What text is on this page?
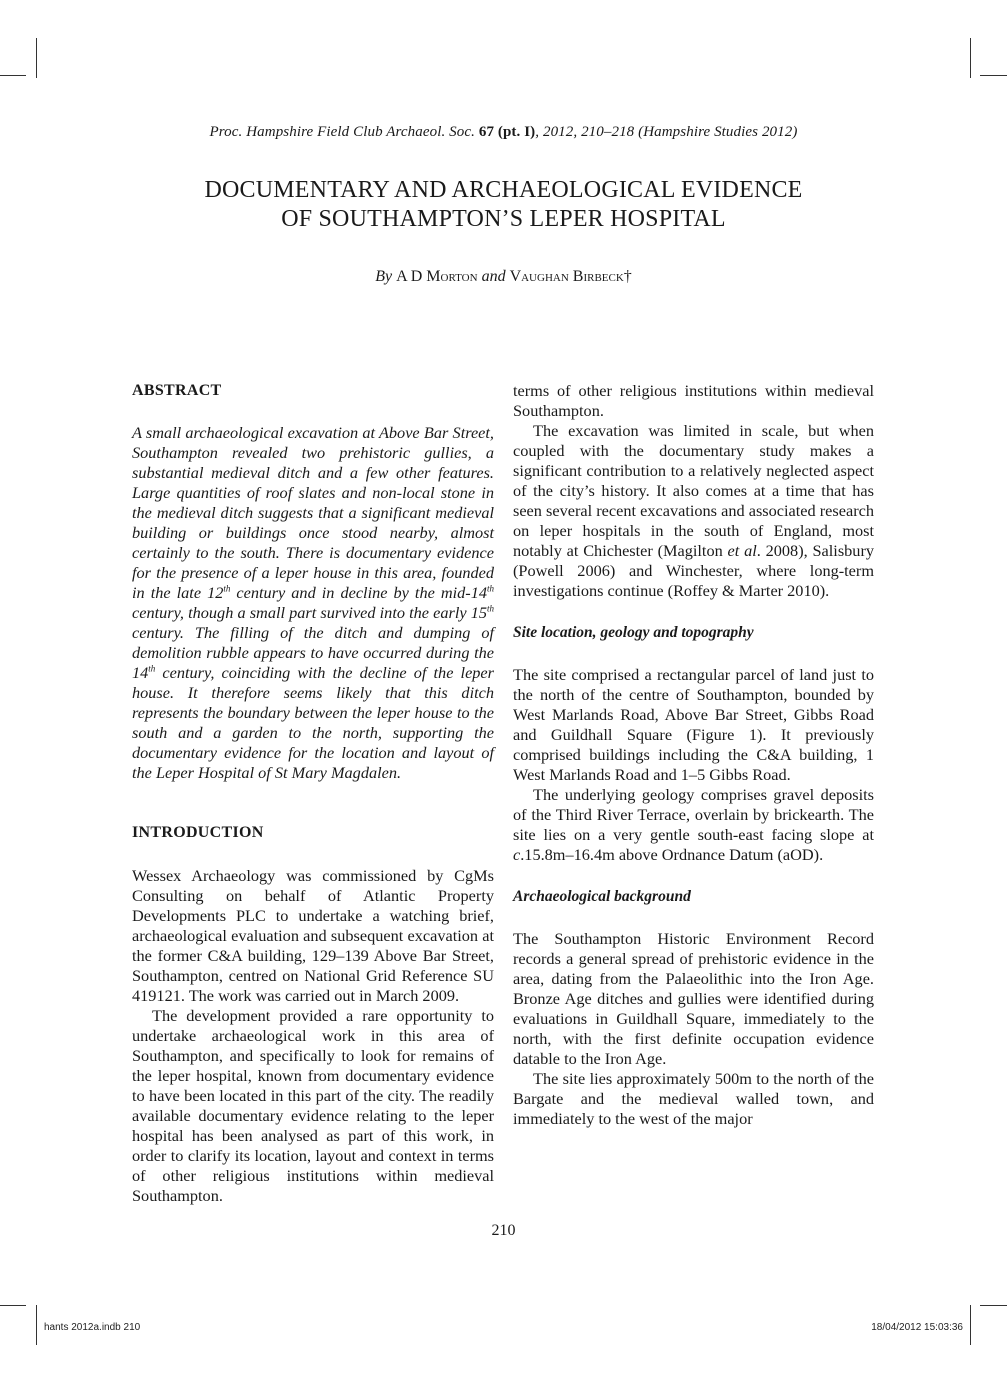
Proc. Hampshire Field Club Archaeol. Soc. 67 (pt. I), 2012, 210–218 (Hampshire Studies 2012)
DOCUMENTARY AND ARCHAEOLOGICAL EVIDENCE
OF SOUTHAMPTON’S LEPER HOSPITAL
By A D Morton and Vaughan Birbeck†
ABSTRACT

A small archaeological excavation at Above Bar Street, Southampton revealed two prehistoric gullies, a substantial medieval ditch and a few other features. Large quantities of roof slates and non-local stone in the medieval ditch suggests that a significant medieval building or buildings once stood nearby, almost certainly to the south. There is documentary evidence for the presence of a leper house in this area, founded in the late 12th century and in decline by the mid-14th century, though a small part survived into the early 15th century. The filling of the ditch and dumping of demolition rubble appears to have occurred during the 14th century, coinciding with the decline of the leper house. It therefore seems likely that this ditch represents the boundary between the leper house to the south and a garden to the north, supporting the documentary evidence for the location and layout of the Leper Hospital of St Mary Magdalen.

INTRODUCTION

Wessex Archaeology was commissioned by CgMs Consulting on behalf of Atlantic Property Developments PLC to undertake a watching brief, archaeological evaluation and subsequent excavation at the former C&A building, 129–139 Above Bar Street, Southampton, centred on National Grid Reference SU 419121. The work was carried out in March 2009.

The development provided a rare opportunity to undertake archaeological work in this area of Southampton, and specifically to look for remains of the leper hospital, known from documentary evidence to have been located in this part of the city. The readily available documentary evidence relating to the leper hospital has been analysed as part of this work, in order to clarify its location, layout and context in terms of other religious institutions within medieval Southampton.

terms of other religious institutions within medieval Southampton.

The excavation was limited in scale, but when coupled with the documentary study makes a significant contribution to a relatively neglected aspect of the city’s history. It also comes at a time that has seen several recent excavations and associated research on leper hospitals in the south of England, most notably at Chichester (Magilton et al. 2008), Salisbury (Powell 2006) and Winchester, where long-term investigations continue (Roffey & Marter 2010).

Site location, geology and topography

The site comprised a rectangular parcel of land just to the north of the centre of Southampton, bounded by West Marlands Road, Above Bar Street, Gibbs Road and Guildhall Square (Figure 1). It previously comprised buildings including the C&A building, 1 West Marlands Road and 1–5 Gibbs Road.

The underlying geology comprises gravel deposits of the Third River Terrace, overlain by brickearth. The site lies on a very gentle south-east facing slope at c.15.8m–16.4m above Ordnance Datum (aOD).

Archaeological background

The Southampton Historic Environment Record records a general spread of prehistoric evidence in the area, dating from the Palaeolithic into the Iron Age. Bronze Age ditches and gullies were identified during evaluations in Guildhall Square, immediately to the north, with the first definite occupation evidence datable to the Iron Age.

The site lies approximately 500m to the north of the Bargate and the medieval walled town, and immediately to the west of the major

210
hants 2012a.indb 210	18/04/2012 15:03:36
